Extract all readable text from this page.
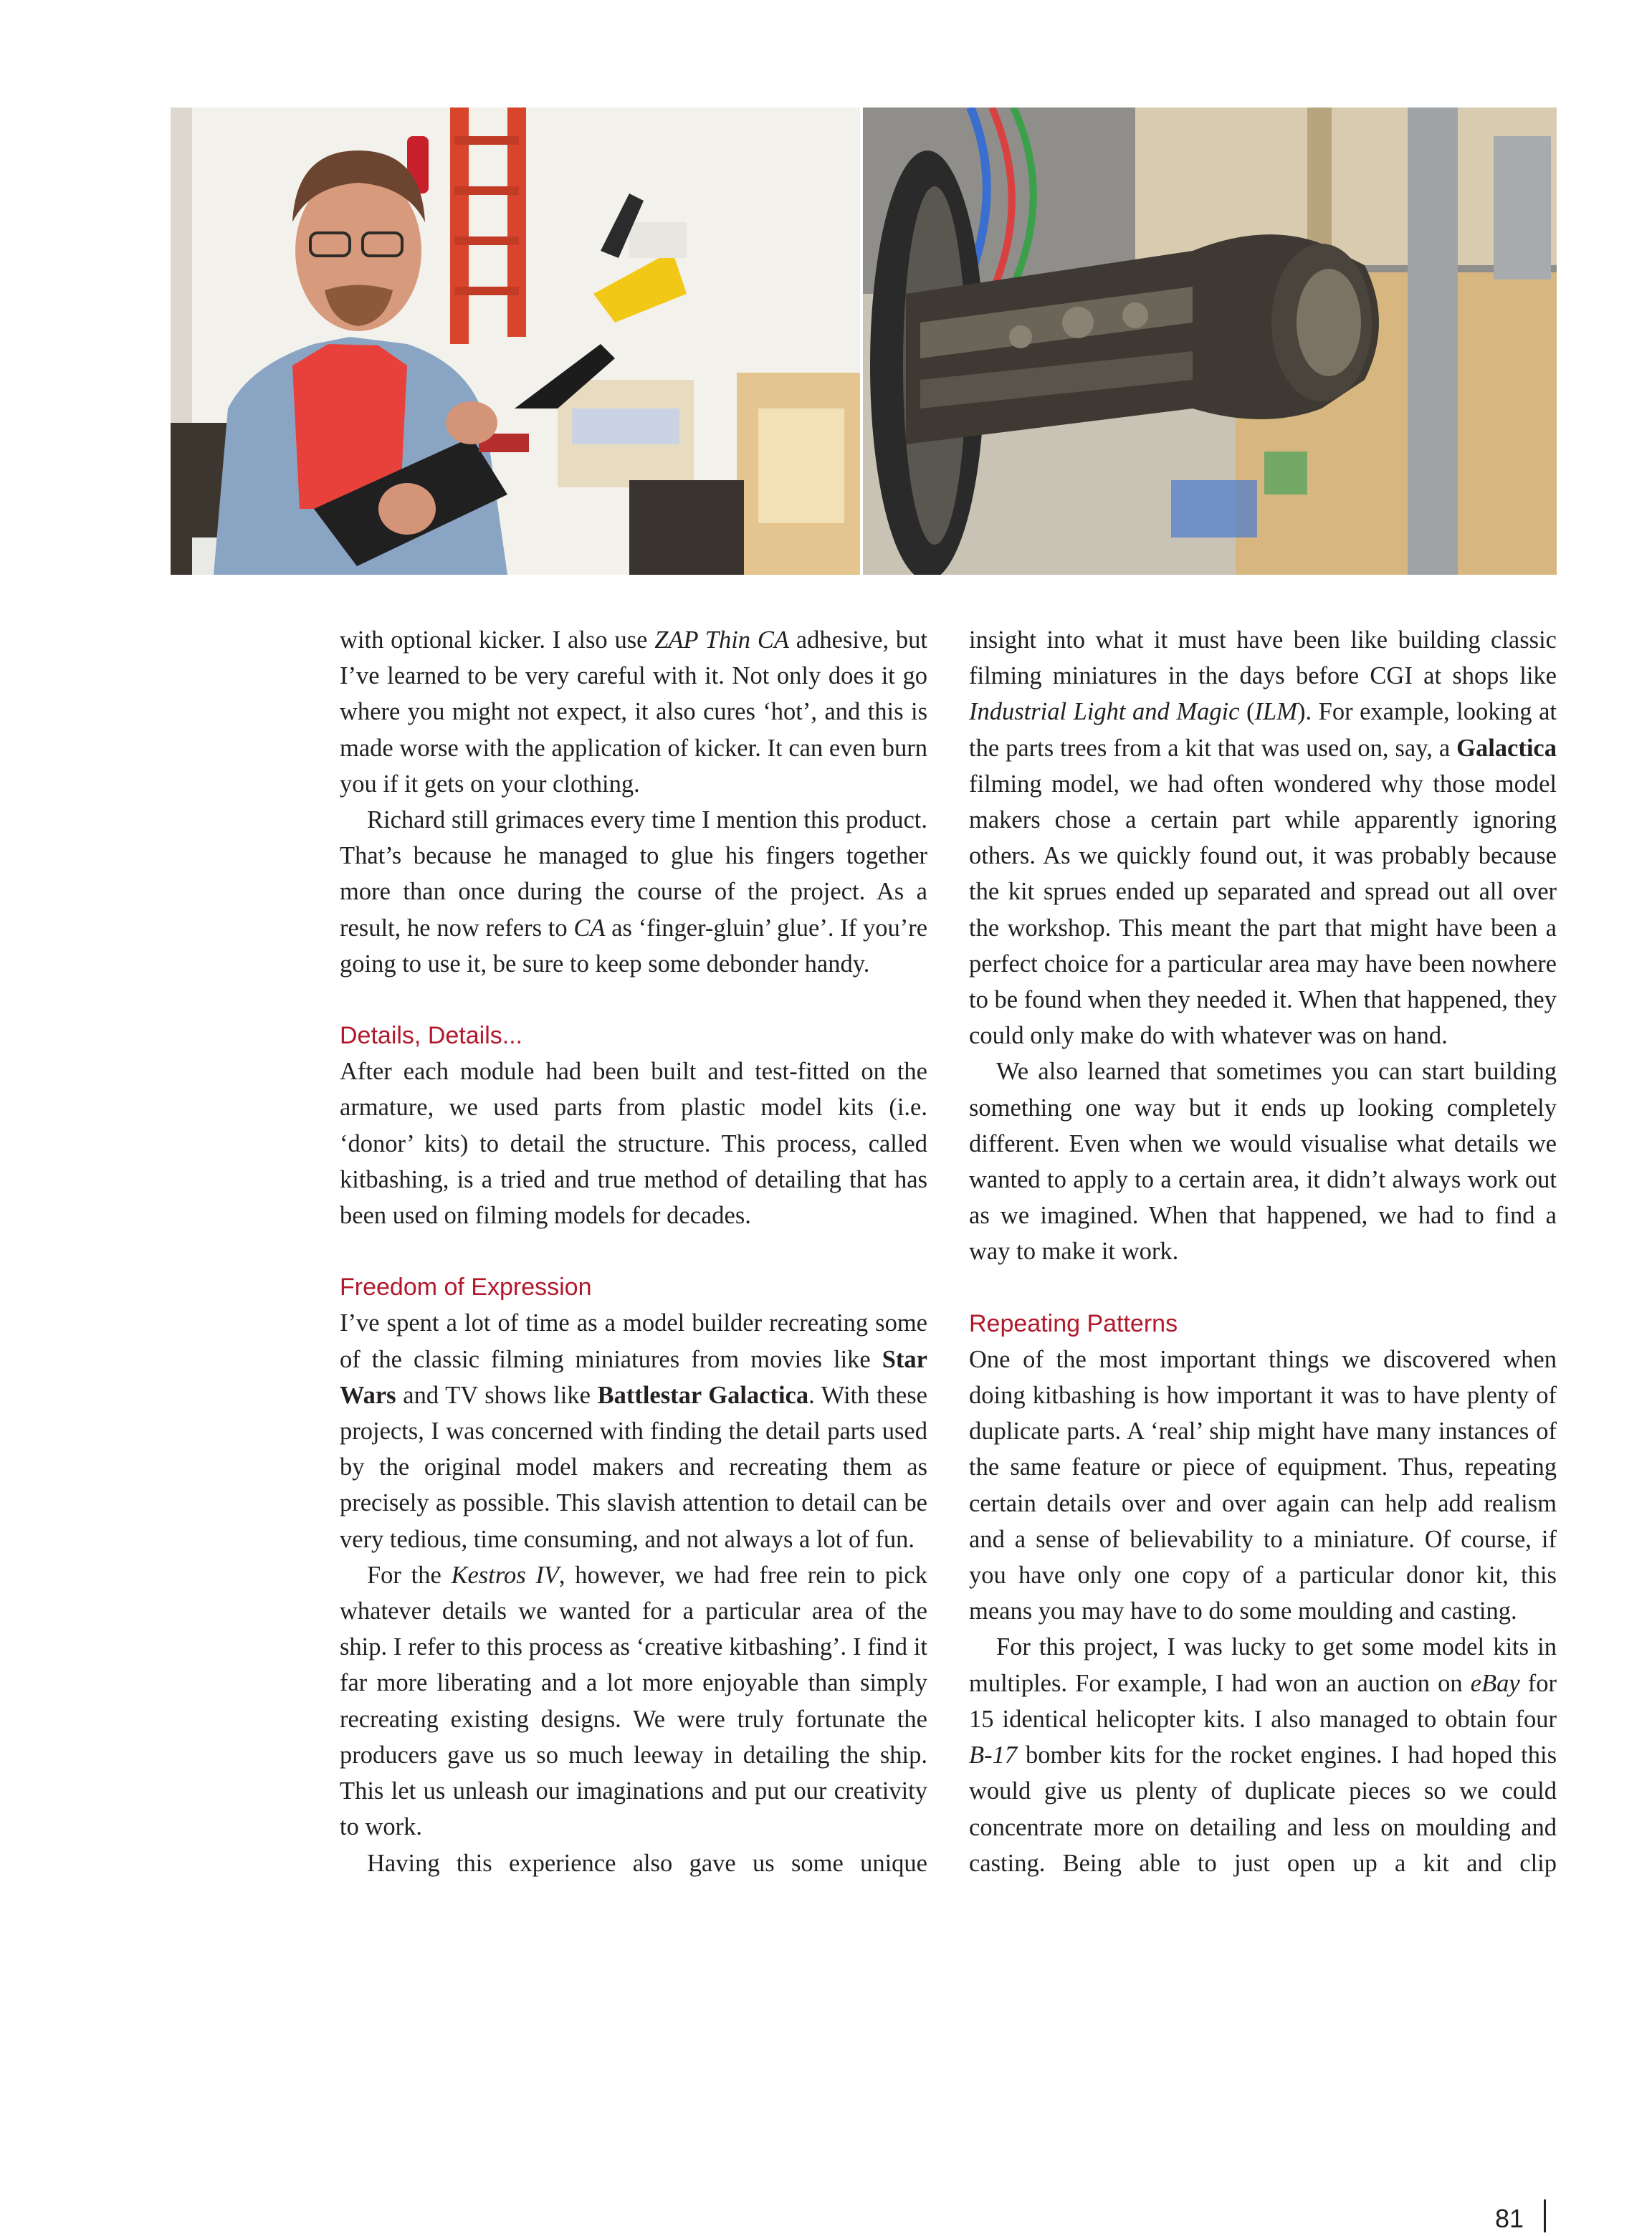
with optional kicker. I also use ZAP Thin CA adhesive, but I’ve learned to be very careful with it. Not only does it go where you might not expect, it also cures ‘hot’, and this is made worse with the application of kicker. It can even burn you if it gets on your clothing.

Richard still grimaces every time I mention this product. That’s because he managed to glue his fingers together more than once during the course of the project. As a result, he now refers to CA as ‘finger-gluin’ glue’. If you’re going to use it, be sure to keep some debonder handy.

Details, Details...

After each module had been built and test-fitted on the armature, we used parts from plastic model kits (i.e. ‘donor’ kits) to detail the structure. This process, called kitbashing, is a tried and true method of detailing that has been used on filming models for decades.

Freedom of Expression

I’ve spent a lot of time as a model builder recreating some of the classic filming miniatures from movies like Star Wars and TV shows like Battlestar Galactica. With these projects, I was concerned with finding the detail parts used by the original model makers and recreating them as precisely as possible. This slavish attention to detail can be very tedious, time consuming, and not always a lot of fun.

For the Kestros IV, however, we had free rein to pick whatever details we wanted for a particular area of the ship. I refer to this process as ‘creative kitbashing’. I find it far more liberating and a lot more enjoyable than simply recreating existing designs. We were truly fortunate the producers gave us so much leeway in detailing the ship. This let us unleash our imaginations and put our creativity to work.

Having this experience also gave us some unique

insight into what it must have been like building classic filming miniatures in the days before CGI at shops like Industrial Light and Magic (ILM). For example, looking at the parts trees from a kit that was used on, say, a Galactica filming model, we had often wondered why those model makers chose a certain part while apparently ignoring others. As we quickly found out, it was probably because the kit sprues ended up separated and spread out all over the workshop. This meant the part that might have been a perfect choice for a particular area may have been nowhere to be found when they needed it. When that happened, they could only make do with whatever was on hand.

We also learned that sometimes you can start building something one way but it ends up looking completely different. Even when we would visualise what details we wanted to apply to a certain area, it didn’t always work out as we imagined. When that happened, we had to find a way to make it work.

Repeating Patterns

One of the most important things we discovered when doing kitbashing is how important it was to have plenty of duplicate parts. A ‘real’ ship might have many instances of the same feature or piece of equipment. Thus, repeating certain details over and over again can help add realism and a sense of believability to a miniature. Of course, if you have only one copy of a particular donor kit, this means you may have to do some moulding and casting.

For this project, I was lucky to get some model kits in multiples. For example, I had won an auction on eBay for 15 identical helicopter kits. I also managed to obtain four B-17 bomber kits for the rocket engines. I had hoped this would give us plenty of duplicate pieces so we could concentrate more on detailing and less on moulding and casting. Being able to just open up a kit and clip

81
